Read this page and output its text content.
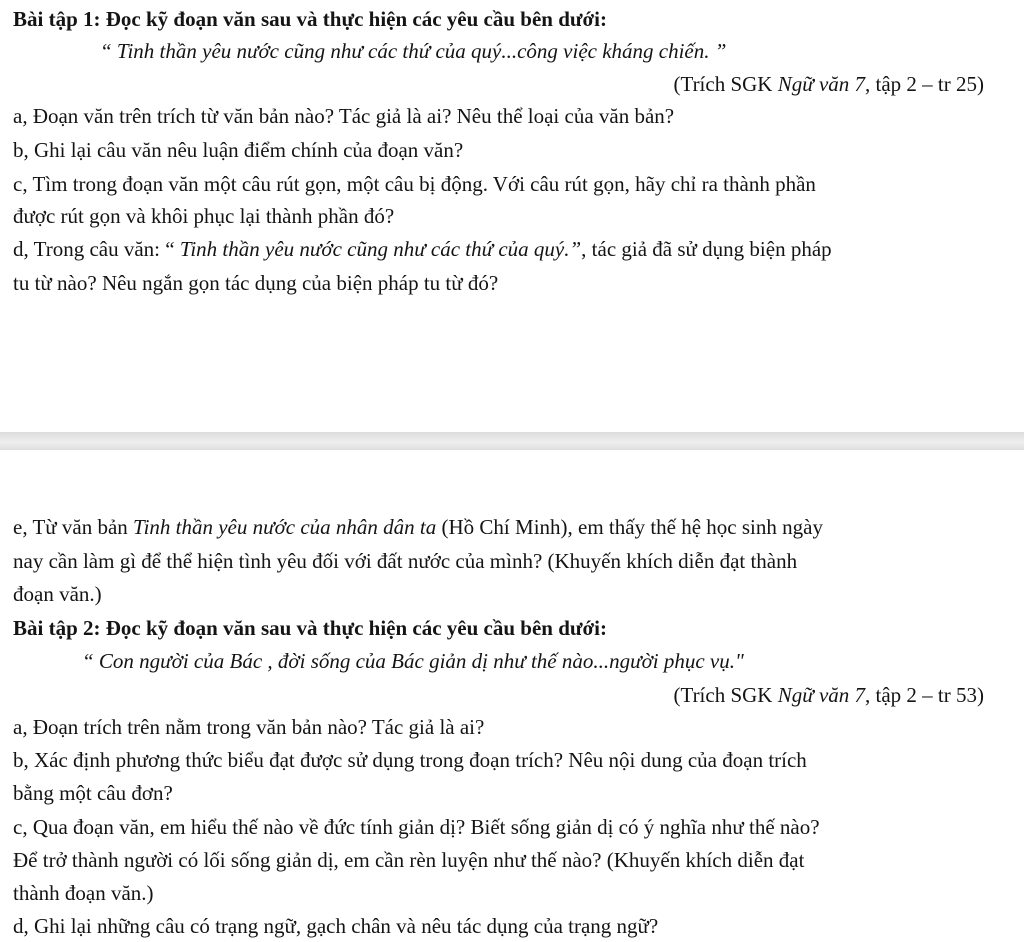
Bài tập 1: Đọc kỹ đoạn văn sau và thực hiện các yêu cầu bên dưới:
“ Tinh thần yêu nước cũng như các thứ của quý...công việc kháng chiến. ”
(Trích SGK Ngữ văn 7, tập 2 – tr 25)
a, Đoạn văn trên trích từ văn bản nào? Tác giả là ai? Nêu thể loại của văn bản?
b, Ghi lại câu văn nêu luận điểm chính của đoạn văn?
c, Tìm trong đoạn văn một câu rút gọn, một câu bị động. Với câu rút gọn, hãy chỉ ra thành phần
được rút gọn và khôi phục lại thành phần đó?
d, Trong câu văn: “ Tinh thần yêu nước cũng như các thứ của quý.”, tác giả đã sử dụng biện pháp
tu từ nào? Nêu ngắn gọn tác dụng của biện pháp tu từ đó?
e, Từ văn bản Tinh thần yêu nước của nhân dân ta (Hồ Chí Minh), em thấy thế hệ học sinh ngày
nay cần làm gì để thể hiện tình yêu đối với đất nước của mình? (Khuyến khích diễn đạt thành
đoạn văn.)
Bài tập 2: Đọc kỹ đoạn văn sau và thực hiện các yêu cầu bên dưới:
“ Con người của Bác , đời sống của Bác giản dị như thế nào...người phục vụ."
(Trích SGK Ngữ văn 7, tập 2 – tr 53)
a, Đoạn trích trên nằm trong văn bản nào? Tác giả là ai?
b, Xác định phương thức biểu đạt được sử dụng trong đoạn trích? Nêu nội dung của đoạn trích
bằng một câu đơn?
c, Qua đoạn văn, em hiểu thế nào về đức tính giản dị? Biết sống giản dị có ý nghĩa như thế nào?
Để trở thành người có lối sống giản dị, em cần rèn luyện như thế nào? (Khuyến khích diễn đạt
thành đoạn văn.)
d, Ghi lại những câu có trạng ngữ, gạch chân và nêu tác dụng của trạng ngữ?
